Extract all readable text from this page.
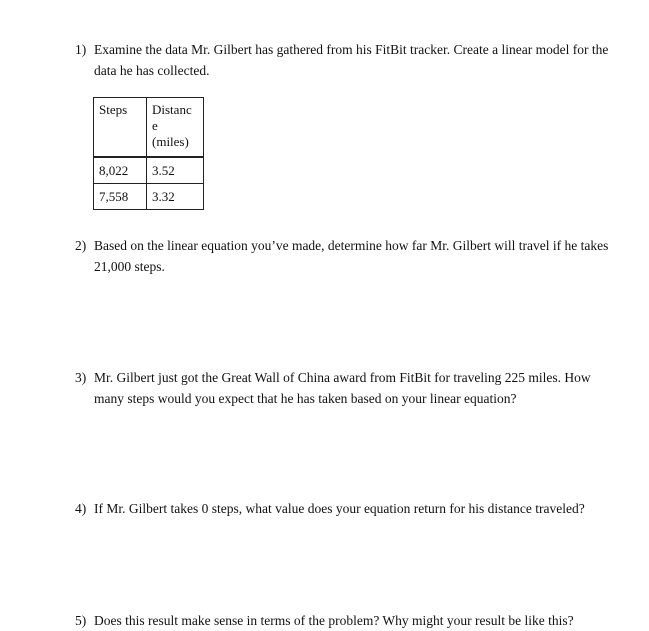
1) Examine the data Mr. Gilbert has gathered from his FitBit tracker. Create a linear model for the data he has collected.
Steps	Distanc
e
(miles)

8,022	3.52

7,558	3.32
2) Based on the linear equation you’ve made, determine how far Mr. Gilbert will travel if he takes 21,000 steps.
3) Mr. Gilbert just got the Great Wall of China award from FitBit for traveling 225 miles. How many steps would you expect that he has taken based on your linear equation?
4) If Mr. Gilbert takes 0 steps, what value does your equation return for his distance traveled?
5) Does this result make sense in terms of the problem? Why might your result be like this?
